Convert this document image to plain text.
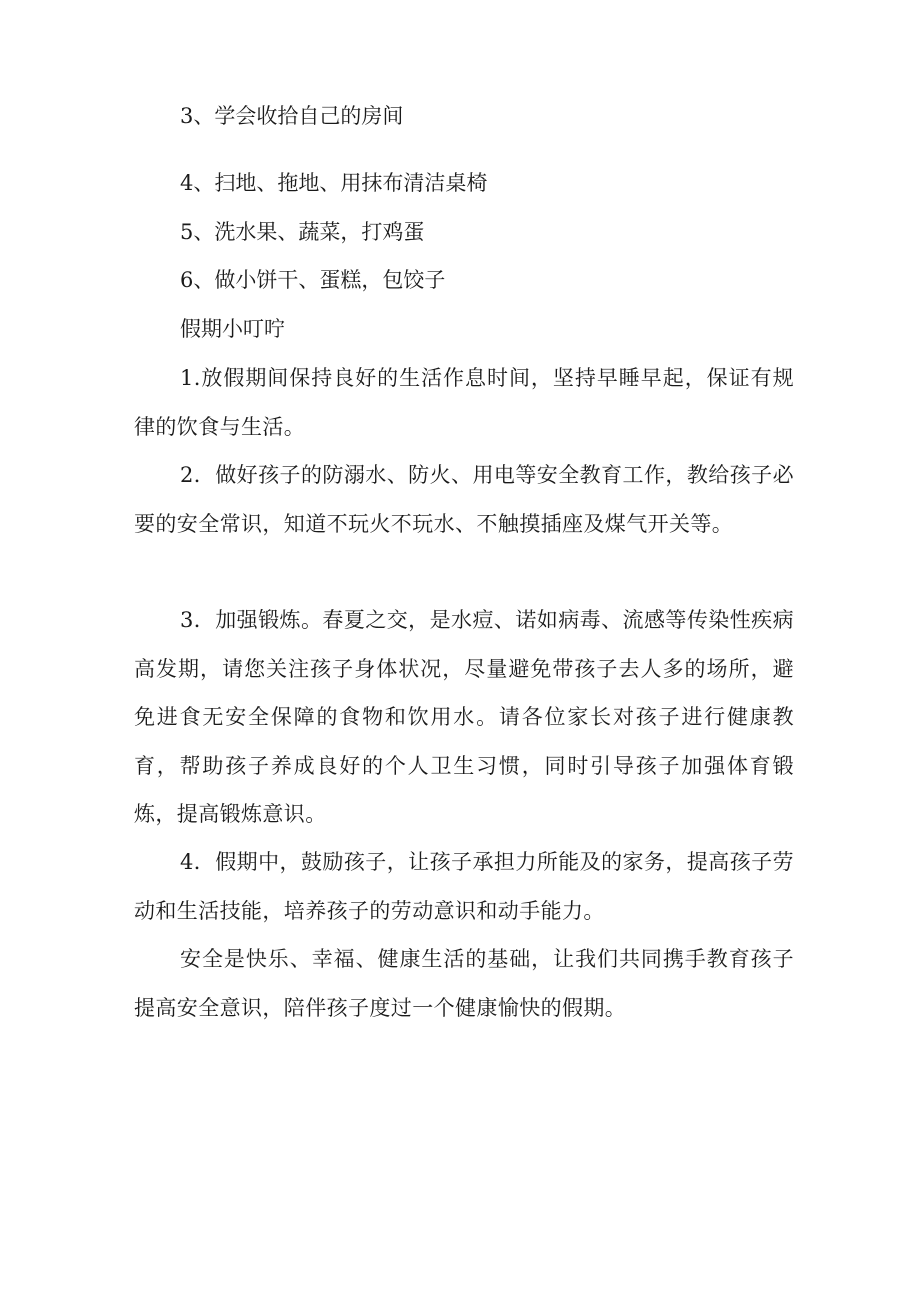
3、学会收拾自己的房间

4、扫地、拖地、用抹布清洁桌椅

5、洗水果、蔬菜，打鸡蛋

6、做小饼干、蛋糕，包饺子

假期小叮咛

1.放假期间保持良好的生活作息时间，坚持早睡早起，保证有规律的饮食与生活。

2．做好孩子的防溺水、防火、用电等安全教育工作，教给孩子必要的安全常识，知道不玩火不玩水、不触摸插座及煤气开关等。

3．加强锻炼。春夏之交，是水痘、诺如病毒、流感等传染性疾病高发期，请您关注孩子身体状况，尽量避免带孩子去人多的场所，避免进食无安全保障的食物和饮用水。请各位家长对孩子进行健康教育，帮助孩子养成良好的个人卫生习惯，同时引导孩子加强体育锻炼，提高锻炼意识。

4．假期中，鼓励孩子，让孩子承担力所能及的家务，提高孩子劳动和生活技能，培养孩子的劳动意识和动手能力。

安全是快乐、幸福、健康生活的基础，让我们共同携手教育孩子提高安全意识，陪伴孩子度过一个健康愉快的假期。
